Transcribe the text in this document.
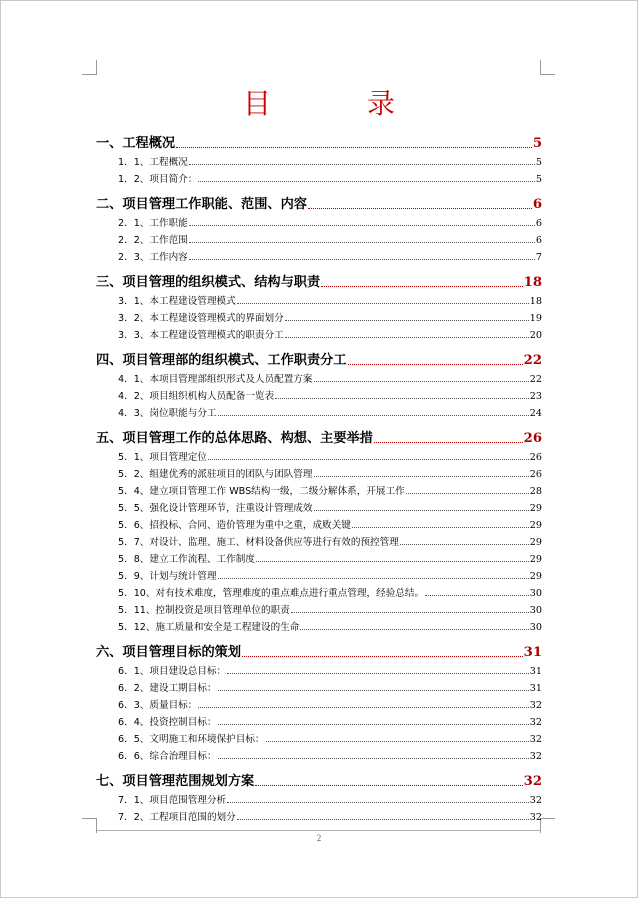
目　录
一、工程概况	5
1．1、工程概况	5
1．2、项目简介：	5
二、项目管理工作职能、范围、内容	6
2．1、工作职能	6
2．2、工作范围	6
2．3、工作内容	7
三、项目管理的组织模式、结构与职责	18
3．1、本工程建设管理模式	18
3．2、本工程建设管理模式的界面划分	19
3．3、本工程建设管理模式的职责分工	20
四、项目管理部的组织模式、工作职责分工	22
4．1、本项目管理部组织形式及人员配置方案	22
4．2、项目组织机构人员配备一览表	23
4．3、岗位职能与分工	24
五、项目管理工作的总体思路、构想、主要举措	26
5．1、项目管理定位	26
5．2、组建优秀的派驻项目的团队与团队管理	26
5．4、建立项目管理工作 WBS结构一级，二级分解体系，开展工作	28
5．5、强化设计管理环节，注重设计管理成效	29
5．6、招投标、合同、造价管理为重中之重，成败关键	29
5．7、对设计、监理、施工、材料设备供应等进行有效的预控管理	29
5．8、建立工作流程、工作制度	29
5．9、计划与统计管理	29
5．10、对有技术难度，管理难度的重点难点进行重点管理，经验总结。	30
5．11、控制投资是项目管理单位的职责	30
5．12、施工质量和安全是工程建设的生命	30
六、项目管理目标的策划	31
6．1、项目建设总目标：	31
6．2、建设工期目标：	31
6．3、质量目标：	32
6．4、投资控制目标：	32
6．5、文明施工和环境保护目标：	32
6．6、综合治理目标：	32
七、项目管理范围规划方案	32
7．1、项目范围管理分析	32
7．2、工程项目范围的划分	32
2
